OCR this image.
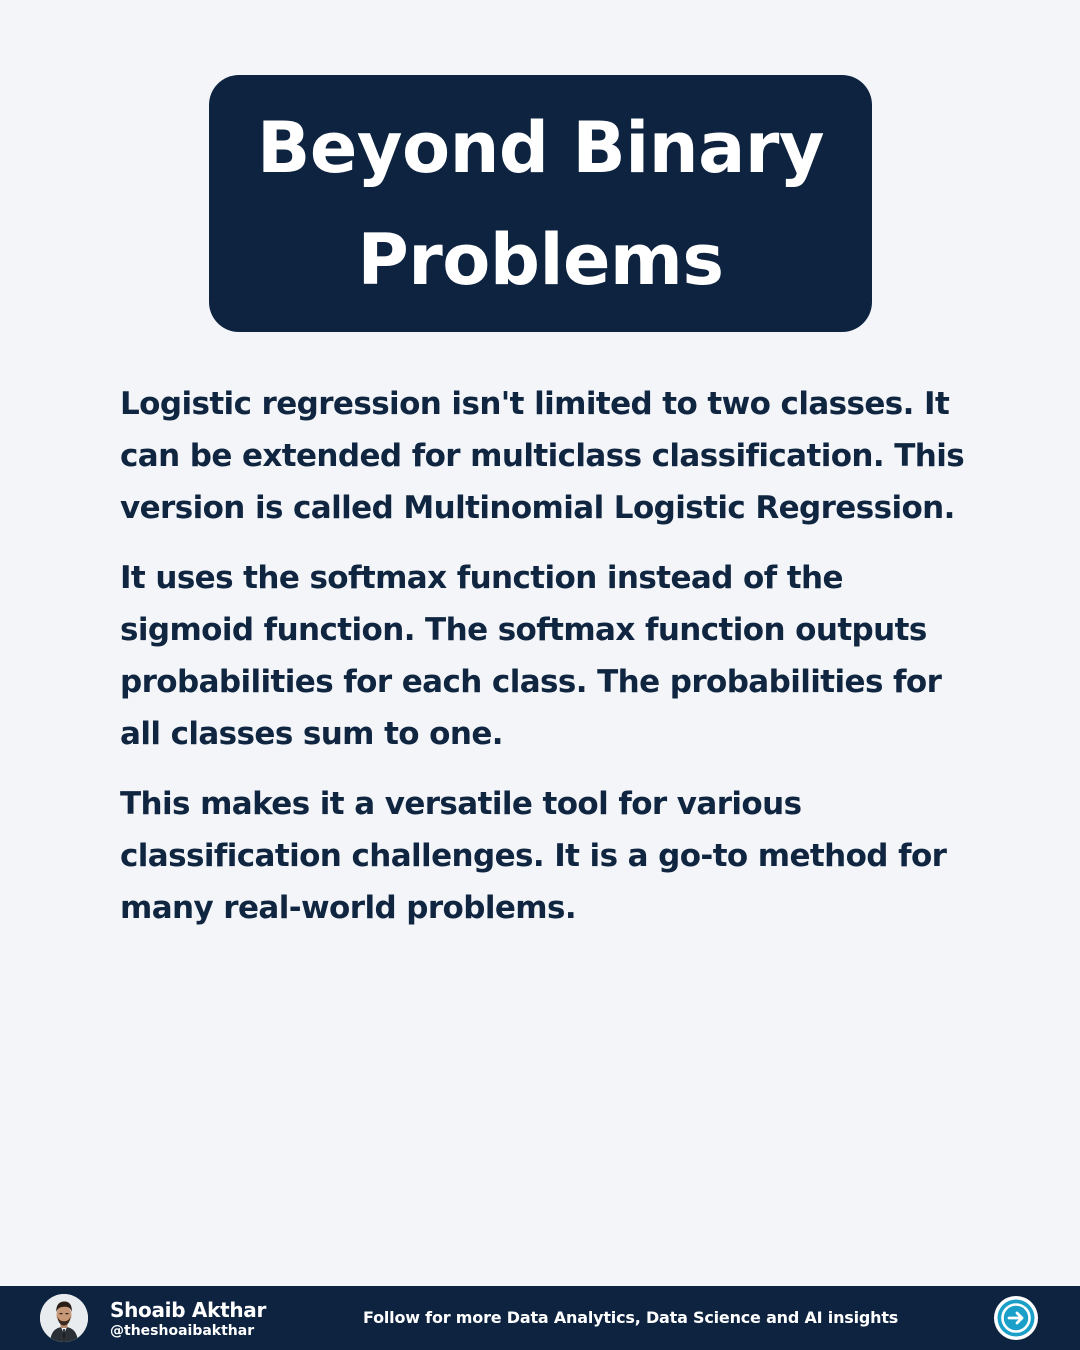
Beyond Binary
Problems

Logistic regression isn't limited to two classes. It can be extended for multiclass classification. This version is called Multinomial Logistic Regression.

It uses the softmax function instead of the sigmoid function. The softmax function outputs probabilities for each class. The probabilities for all classes sum to one.

This makes it a versatile tool for various classification challenges. It is a go-to method for many real-world problems.

Shoaib Akthar
@theshoaibakthar
Follow for more Data Analytics, Data Science and AI insights
